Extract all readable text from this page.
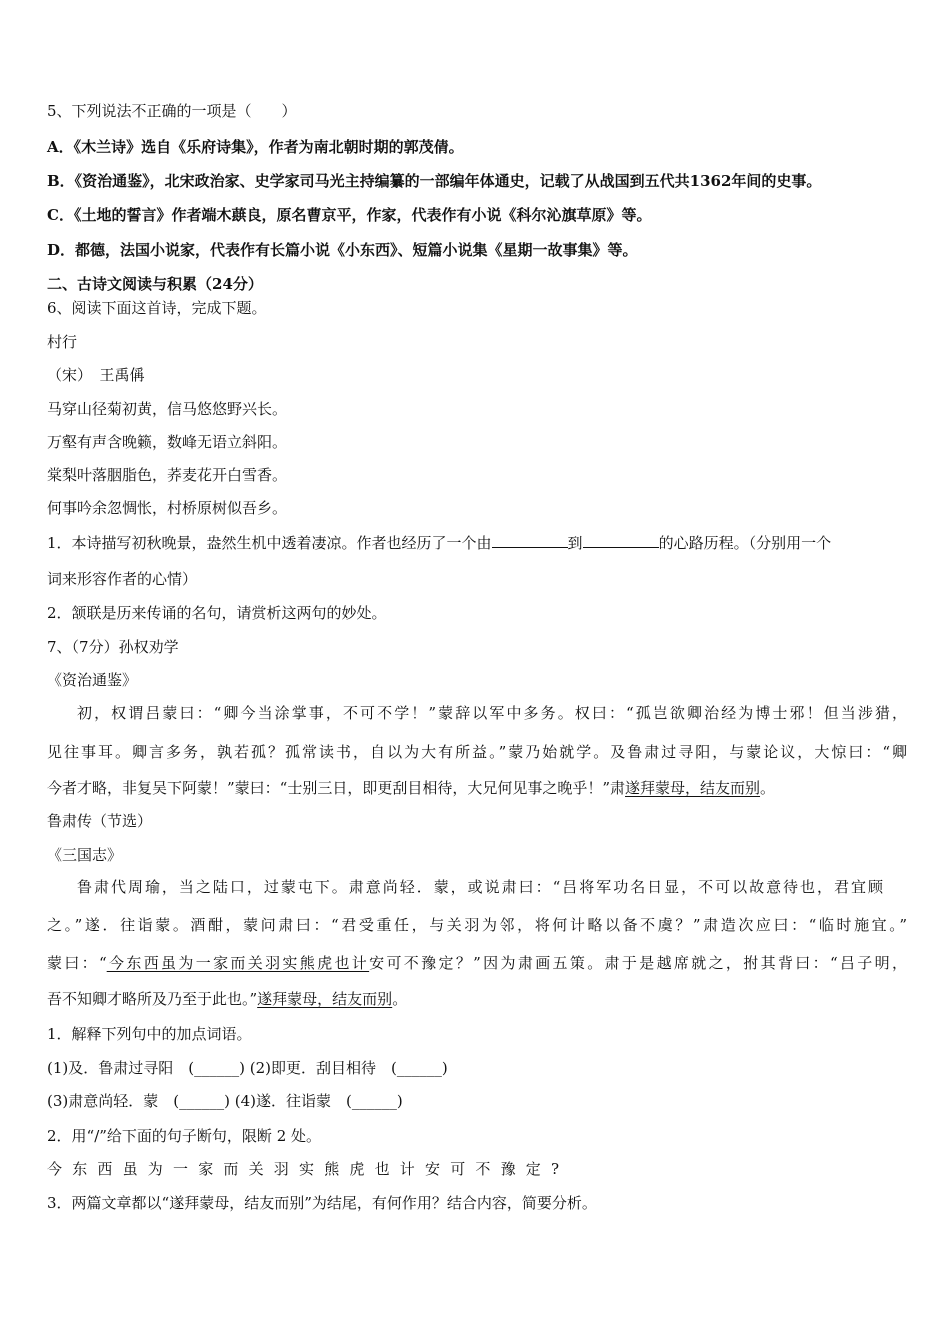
5、下列说法不正确的一项是（　　）
A．《木兰诗》选自《乐府诗集》，作者为南北朝时期的郭茂倩。
B．《资治通鉴》，北宋政治家、史学家司马光主持编纂的一部编年体通史，记载了从战国到五代共1362年间的史事。
C．《土地的誓言》作者端木蕻良，原名曹京平，作家，代表作有小说《科尔沁旗草原》等。
D．都德，法国小说家，代表作有长篇小说《小东西》、短篇小说集《星期一故事集》等。
二、古诗文阅读与积累（24分）
6、阅读下面这首诗，完成下题。
村行
（宋）　王禹偁
马穿山径菊初黄，信马悠悠野兴长。
万壑有声含晚籁，数峰无语立斜阳。
棠梨叶落胭脂色，荞麦花开白雪香。
何事吟余忽惆怅，村桥原树似吾乡。
1．本诗描写初秋晚景，盎然生机中透着凄凉。作者也经历了一个由	到	的心路历程。（分别用一个
词来形容作者的心情）
2．颔联是历来传诵的名句，请赏析这两句的妙处。
7、（7分）孙权劝学
《资治通鉴》
初，权谓吕蒙曰：“卿今当涂掌事，不可不学！”蒙辞以军中多务。权曰：“孤岂欲卿治经为博士邪！但当涉猎，
见往事耳。卿言多务，孰若孤？孤常读书，自以为大有所益。”蒙乃始就学。及鲁肃过寻阳，与蒙论议，大惊曰：“卿
今者才略，非复吴下阿蒙！”蒙曰：“士别三日，即更刮目相待，大兄何见事之晚乎！”肃遂拜蒙母，结友而别。
鲁肃传（节选）
《三国志》
鲁肃代周瑜，当之陆口，过蒙屯下。肃意尚轻．蒙，或说肃曰：“吕将军功名日显，不可以故意待也，君宜顾
之。”遂．往诣蒙。酒酣，蒙问肃曰：“君受重任，与关羽为邻，将何计略以备不虞？”肃造次应曰：“临时施宜。”
蒙曰：“今东西虽为一家而关羽实熊虎也计安可不豫定？”因为肃画五策。肃于是越席就之，拊其背曰：“吕子明，
吾不知卿才略所及乃至于此也。”遂拜蒙母，结友而别。
1．解释下列句中的加点词语。
(1)及．鲁肃过寻阳　(______) (2)即更．刮目相待　(______)
(3)肃意尚轻．蒙　(______) (4)遂．往诣蒙　(______)
2．用“/”给下面的句子断句，限断 2 处。
今东西虽为一家而关羽实熊虎也计安可不豫定?
3．两篇文章都以“遂拜蒙母，结友而别”为结尾，有何作用？结合内容，简要分析。
